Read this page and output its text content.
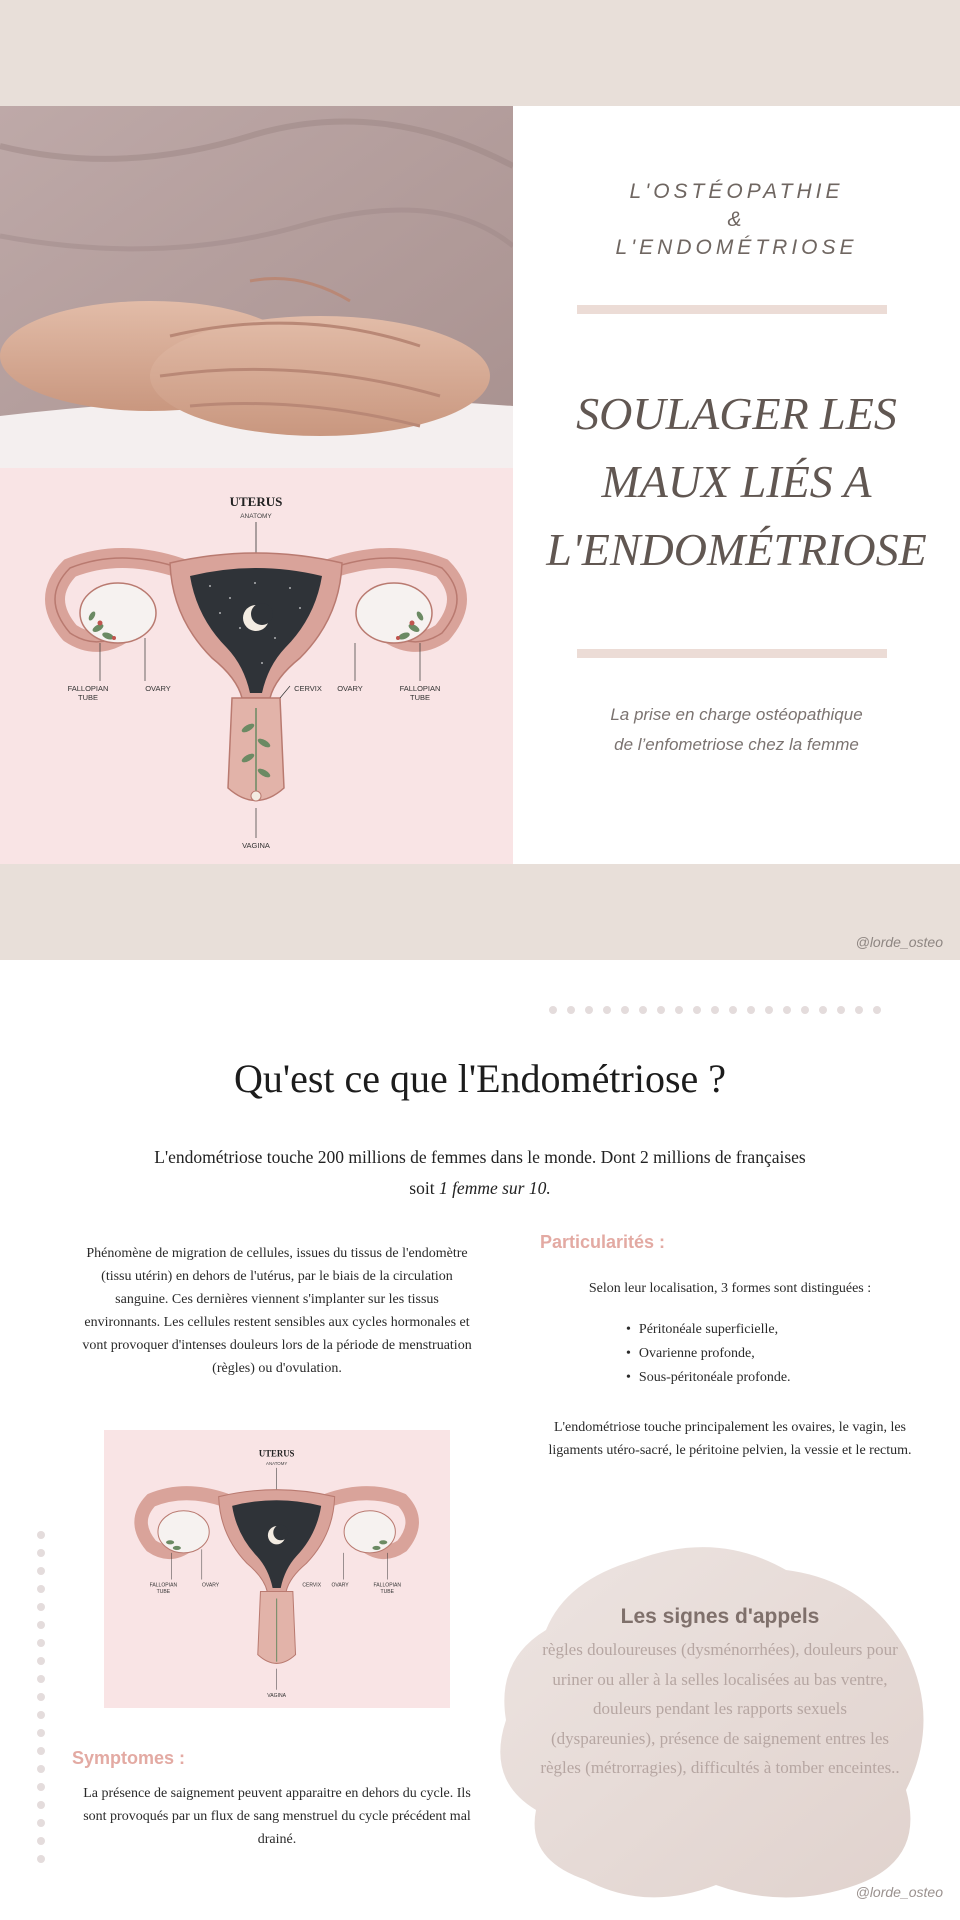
UTERUS
ANATOMY
FALLOPIAN
TUBE
OVARY	CERVIX OVARY	FALLOPIAN
TUBE
VAGINA
L'OSTÉOPATHIE
&
L'ENDOMÉTRIOSE
SOULAGER LES
MAUX LIÉS A
L'ENDOMÉTRIOSE
La prise en charge ostéopathique
de l’enfometriose chez la femme
@lorde_osteo
Qu'est ce que l'Endométriose ?
L'endométriose touche 200 millions de femmes dans le monde. Dont 2 millions de françaises
soit 1 femme sur 10.
Phénomène de migration de cellules, issues du tissus de l'endomètre (tissu utérin) en dehors de l'utérus, par le biais de la circulation sanguine. Ces dernières viennent s'implanter sur les tissus environnants. Les cellules restent sensibles aux cycles hormonales et vont provoquer d'intenses douleurs lors de la période de menstruation (règles) ou d'ovulation.
Particularités :
Selon leur localisation, 3 formes sont distinguées :
• Péritonéale superficielle,
• Ovarienne profonde,
• Sous-péritonéale profonde.
L'endométriose touche principalement les ovaires, le vagin, les ligaments utéro-sacré, le péritoine pelvien, la vessie et le rectum.
UTERUS
ANATOMY
FALLOPIAN
TUBE
OVARY	CERVIX OVARY	FALLOPIAN
TUBE
VAGINA
Symptomes :
La présence de saignement peuvent apparaitre en dehors du cycle. Ils sont provoqués par un flux de sang menstruel du cycle précédent mal drainé.
Les signes d'appels
règles douloureuses (dysménorrhées), douleurs pour uriner ou aller à la selles localisées au bas ventre, douleurs pendant les rapports sexuels (dyspareunies), présence de saignement entres les règles (métrorragies), difficultés à tomber enceintes..
@lorde_osteo
